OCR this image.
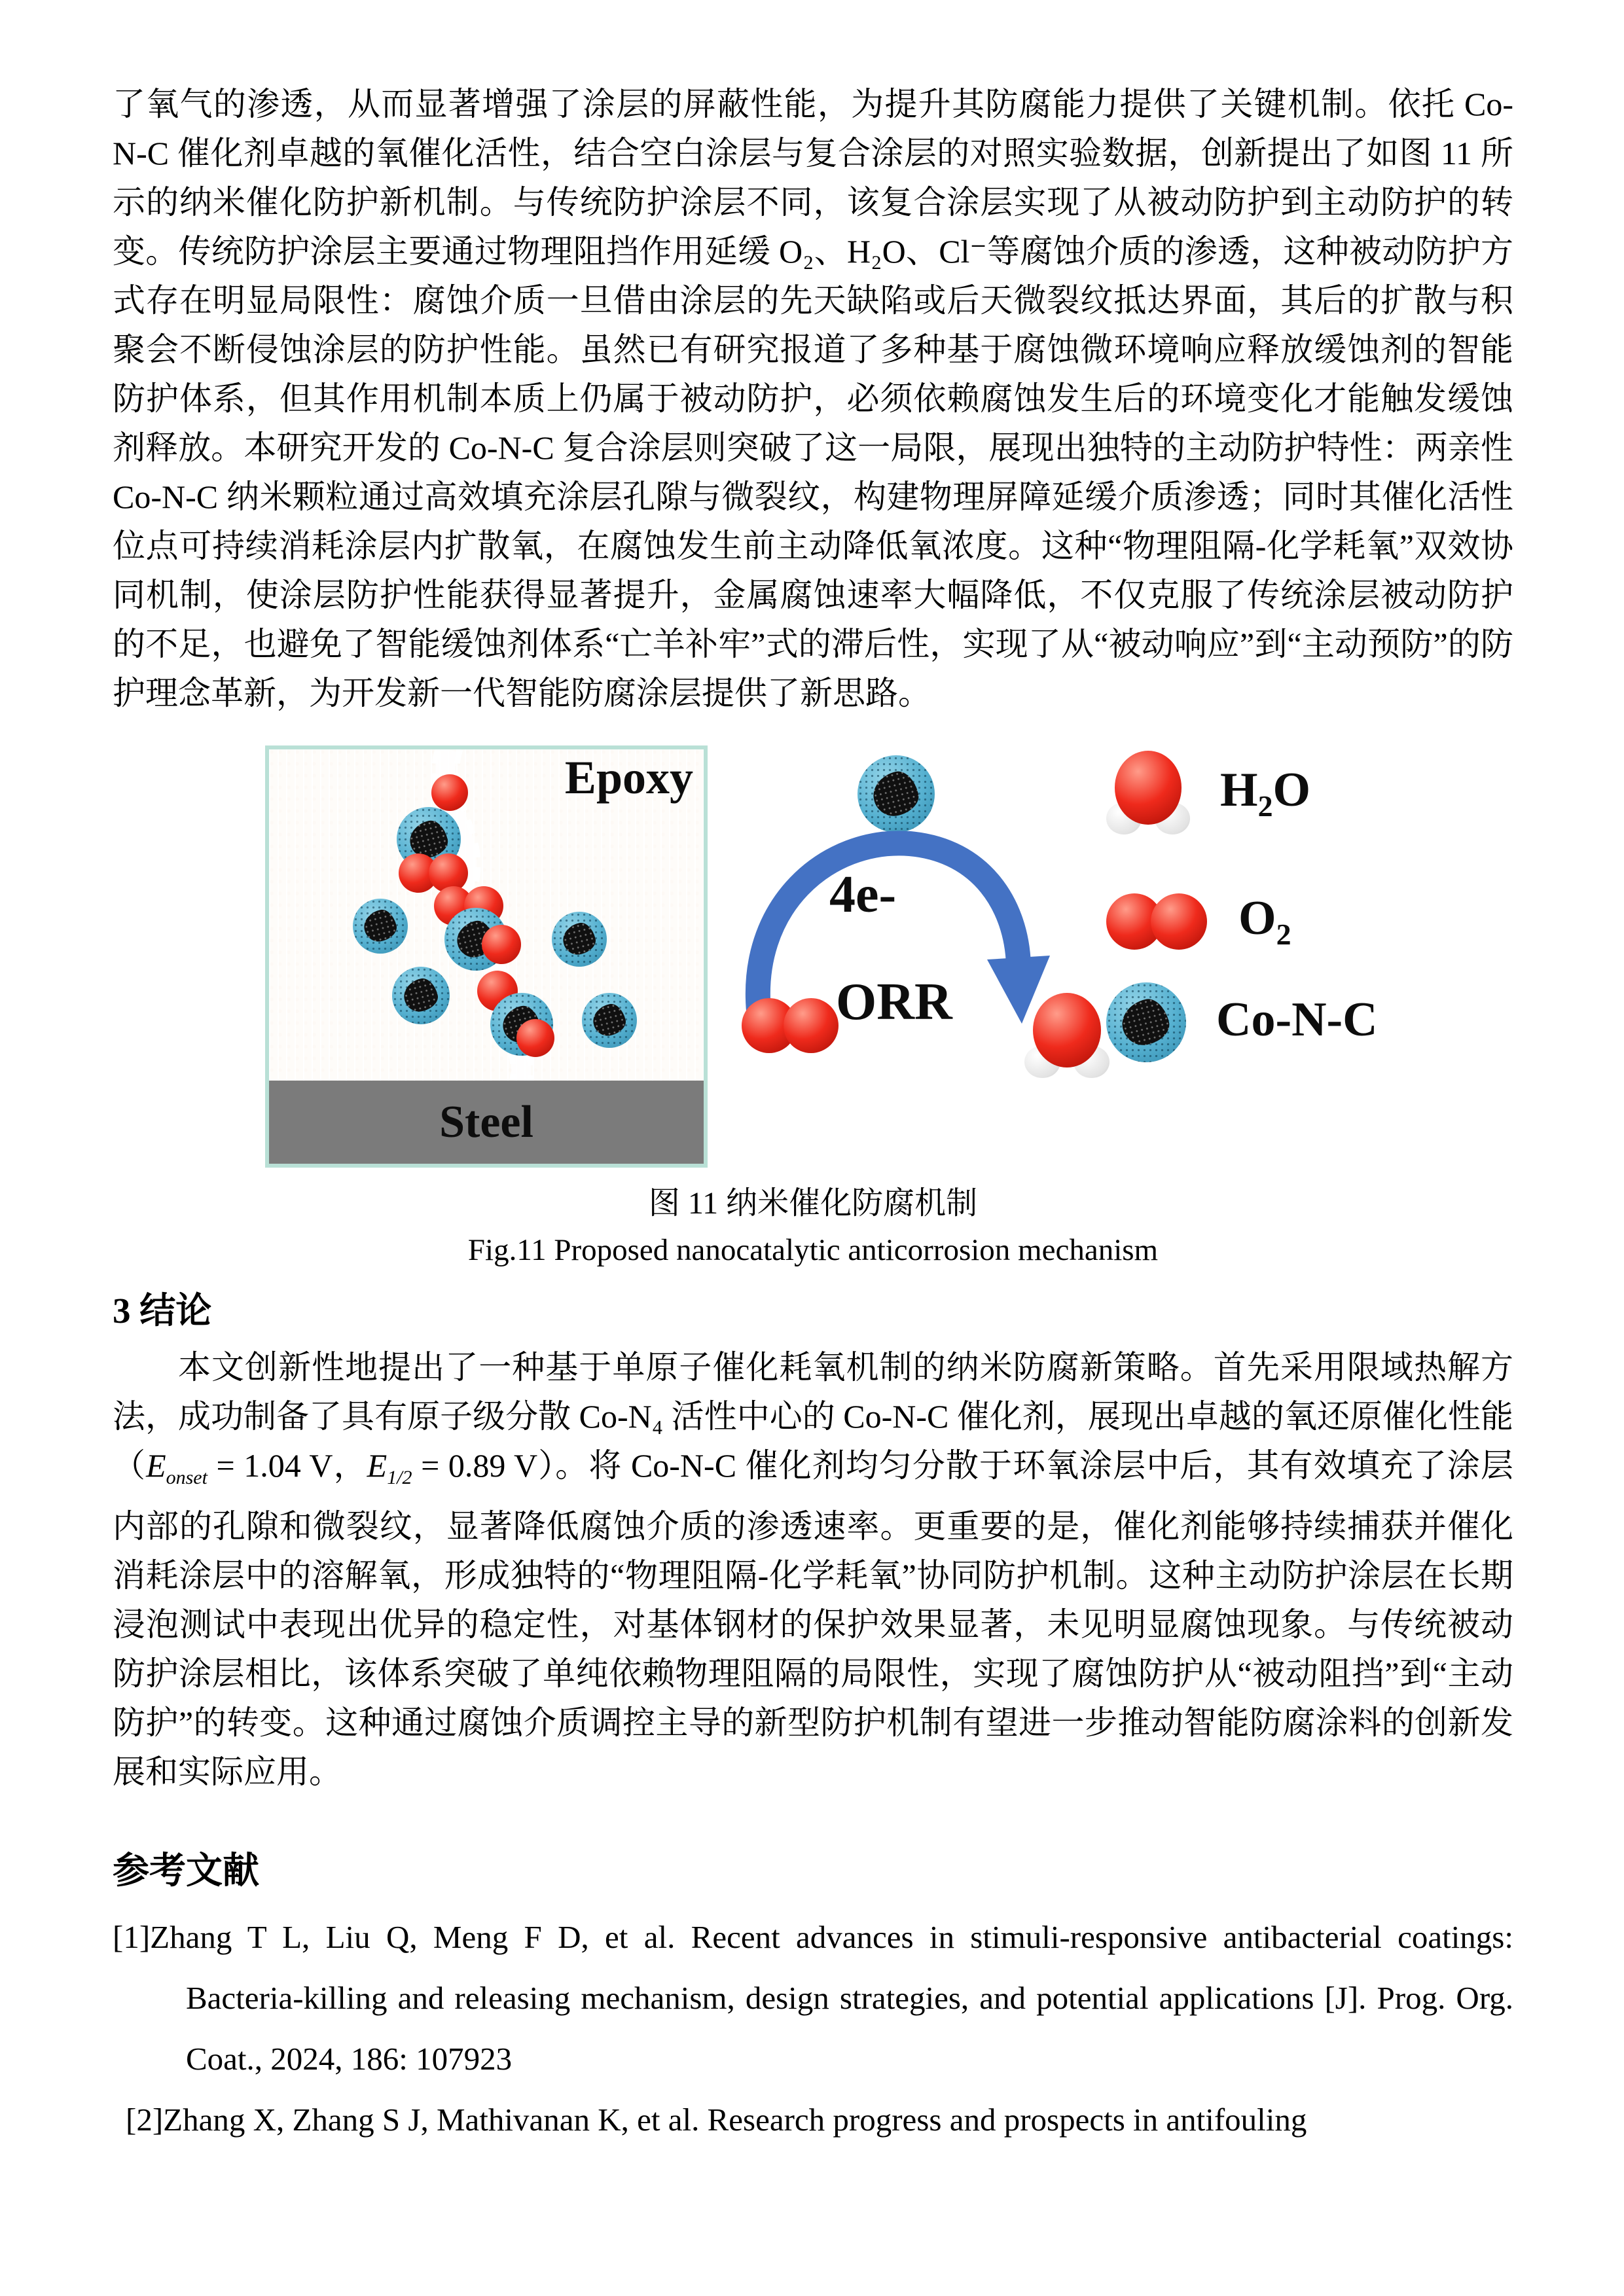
了氧气的渗透，从而显著增强了涂层的屏蔽性能，为提升其防腐能力提供了关键机制。依托 Co-N-C 催化剂卓越的氧催化活性，结合空白涂层与复合涂层的对照实验数据，创新提出了如图 11 所示的纳米催化防护新机制。与传统防护涂层不同，该复合涂层实现了从被动防护到主动防护的转变。传统防护涂层主要通过物理阻挡作用延缓 O₂、H₂O、Cl⁻等腐蚀介质的渗透，这种被动防护方式存在明显局限性：腐蚀介质一旦借由涂层的先天缺陷或后天微裂纹抵达界面，其后的扩散与积聚会不断侵蚀涂层的防护性能。虽然已有研究报道了多种基于腐蚀微环境响应释放缓蚀剂的智能防护体系，但其作用机制本质上仍属于被动防护，必须依赖腐蚀发生后的环境变化才能触发缓蚀剂释放。本研究开发的 Co-N-C 复合涂层则突破了这一局限，展现出独特的主动防护特性：两亲性 Co-N-C 纳米颗粒通过高效填充涂层孔隙与微裂纹，构建物理屏障延缓介质渗透；同时其催化活性位点可持续消耗涂层内扩散氧，在腐蚀发生前主动降低氧浓度。这种“物理阻隔-化学耗氧”双效协同机制，使涂层防护性能获得显著提升，金属腐蚀速率大幅降低，不仅克服了传统涂层被动防护的不足，也避免了智能缓蚀剂体系“亡羊补牢”式的滞后性，实现了从“被动响应”到“主动预防”的防护理念革新，为开发新一代智能防腐涂层提供了新思路。

Epoxy
Steel
4e-
ORR
$H_2O$
$O_2$
Co-N-C
图 11 纳米催化防腐机制
Fig.11 Proposed nanocatalytic anticorrosion mechanism
3 结论

本文创新性地提出了一种基于单原子催化耗氧机制的纳米防腐新策略。首先采用限域热解方法，成功制备了具有原子级分散 Co-N₄ 活性中心的 Co-N-C 催化剂，展现出卓越的氧还原催化性能（$E_{onset} = 1.04$ V，$E_{1/2} = 0.89$ V）。将 Co-N-C 催化剂均匀分散于环氧涂层中后，其有效填充了涂层内部的孔隙和微裂纹，显著降低腐蚀介质的渗透速率。更重要的是，催化剂能够持续捕获并催化消耗涂层中的溶解氧，形成独特的“物理阻隔-化学耗氧”协同防护机制。这种主动防护涂层在长期浸泡测试中表现出优异的稳定性，对基体钢材的保护效果显著，未见明显腐蚀现象。与传统被动防护涂层相比，该体系突破了单纯依赖物理阻隔的局限性，实现了腐蚀防护从“被动阻挡”到“主动防护”的转变。这种通过腐蚀介质调控主导的新型防护机制有望进一步推动智能防腐涂料的创新发展和实际应用。

参考文献

[1]Zhang T L, Liu Q, Meng F D, et al. Recent advances in stimuli-responsive antibacterial coatings: Bacteria-killing and releasing mechanism, design strategies, and potential applications [J]. Prog. Org. Coat., 2024, 186: 107923

[2]Zhang X, Zhang S J, Mathivanan K, et al. Research progress and prospects in antifouling
